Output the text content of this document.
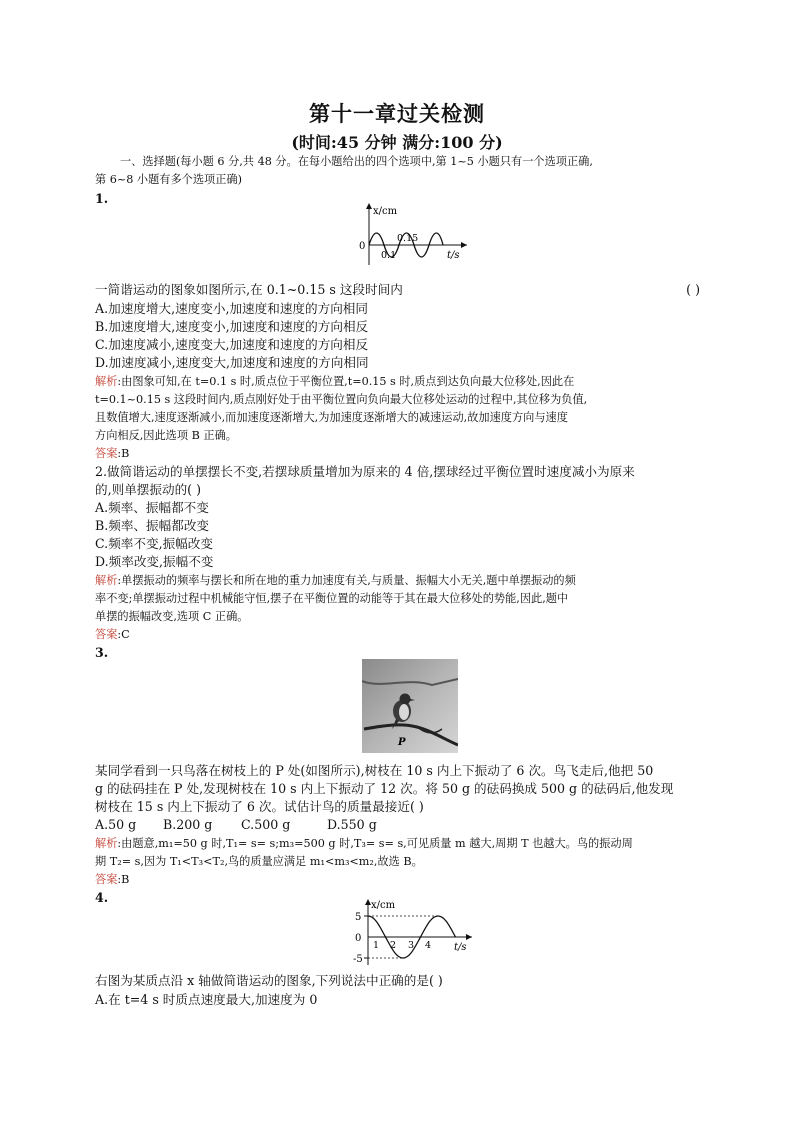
第十一章过关检测
(时间:45 分钟 满分:100 分)
一、选择题(每小题 6 分,共 48 分。在每小题给出的四个选项中,第 1~5 小题只有一个选项正确,
第 6~8 小题有多个选项正确)
1.
x/cm
0
0.1
0.15
t/s
一简谐运动的图象如图所示,在 0.1~0.15 s 这段时间内	( )
A.加速度增大,速度变小,加速度和速度的方向相同
B.加速度增大,速度变小,加速度和速度的方向相反
C.加速度减小,速度变大,加速度和速度的方向相反
D.加速度减小,速度变大,加速度和速度的方向相同
解析:由图象可知,在 t=0.1 s 时,质点位于平衡位置,t=0.15 s 时,质点到达负向最大位移处,因此在
t=0.1~0.15 s 这段时间内,质点刚好处于由平衡位置向负向最大位移处运动的过程中,其位移为负值,
且数值增大,速度逐渐减小,而加速度逐渐增大,为加速度逐渐增大的减速运动,故加速度方向与速度
方向相反,因此选项 B 正确。
答案:B
2.做简谐运动的单摆摆长不变,若摆球质量增加为原来的 4 倍,摆球经过平衡位置时速度减小为原来
的,则单摆振动的( )
A.频率、振幅都不变
B.频率、振幅都改变
C.频率不变,振幅改变
D.频率改变,振幅不变
解析:单摆振动的频率与摆长和所在地的重力加速度有关,与质量、振幅大小无关,题中单摆振动的频
率不变;单摆振动过程中机械能守恒,摆子在平衡位置的动能等于其在最大位移处的势能,因此,题中
单摆的振幅改变,选项 C 正确。
答案:C
3.
P
某同学看到一只鸟落在树枝上的 P 处(如图所示),树枝在 10 s 内上下振动了 6 次。鸟飞走后,他把 50
g 的砝码挂在 P 处,发现树枝在 10 s 内上下振动了 12 次。将 50 g 的砝码换成 500 g 的砝码后,他发现
树枝在 15 s 内上下振动了 6 次。试估计鸟的质量最接近( )
A.50 g B.200 g C.500 g	D.550 g
解析:由题意,m₁=50 g 时,T₁= s= s;m₃=500 g 时,T₃= s= s,可见质量 m 越大,周期 T 也越大。鸟的振动周
期 T₂= s,因为 T₁<T₃<T₂,鸟的质量应满足 m₁<m₃<m₂,故选 B。
答案:B
4.
x/cm
5
0
-5
1 2 3 4 t/s
右图为某质点沿 x 轴做简谐运动的图象,下列说法中正确的是( )
A.在 t=4 s 时质点速度最大,加速度为 0
